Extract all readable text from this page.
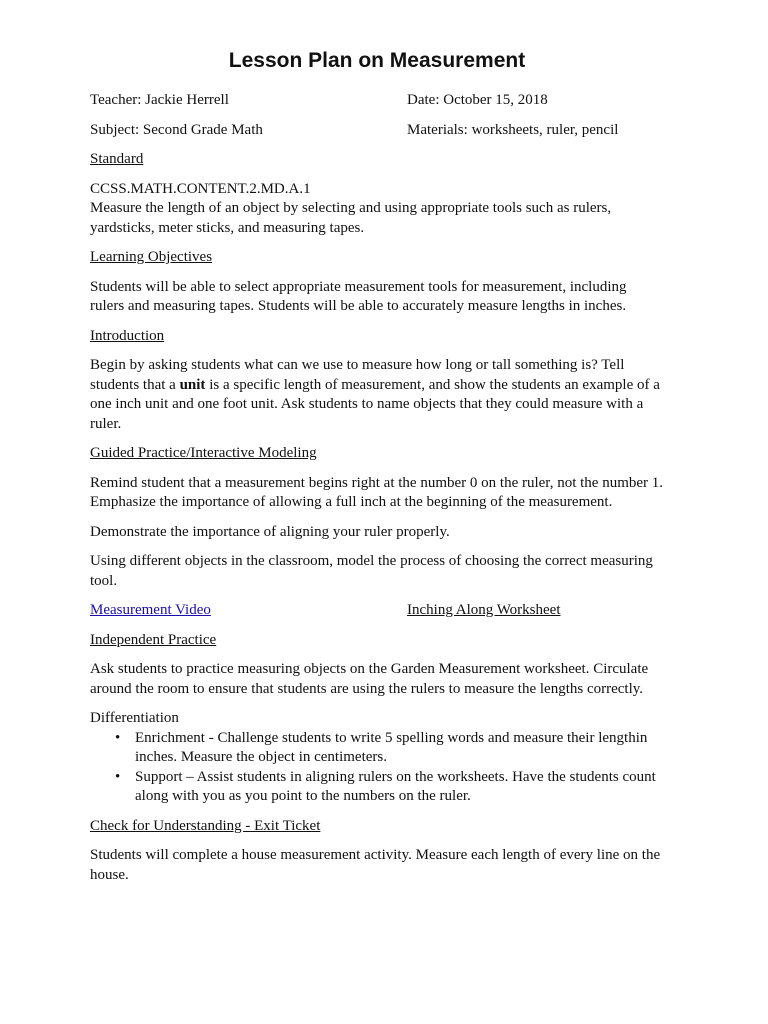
Lesson Plan on Measurement
Teacher: Jackie Herrell	Date: October 15, 2018
Subject: Second Grade Math	Materials: worksheets, ruler, pencil

Standard

CCSS.MATH.CONTENT.2.MD.A.1

Measure the length of an object by selecting and using appropriate tools such as rulers, yardsticks, meter sticks, and measuring tapes.

Learning Objectives

Students will be able to select appropriate measurement tools for measurement, including rulers and measuring tapes. Students will be able to accurately measure lengths in inches.

Introduction

Begin by asking students what can we use to measure how long or tall something is? Tell students that a unit is a specific length of measurement, and show the students an example of a one inch unit and one foot unit. Ask students to name objects that they could measure with a ruler.

Guided Practice/Interactive Modeling

Remind student that a measurement begins right at the number 0 on the ruler, not the number 1. Emphasize the importance of allowing a full inch at the beginning of the measurement.

Demonstrate the importance of aligning your ruler properly.

Using different objects in the classroom, model the process of choosing the correct measuring tool.

Measurement Video	Inching Along Worksheet

Independent Practice

Ask students to practice measuring objects on the Garden Measurement worksheet. Circulate around the room to ensure that students are using the rulers to measure the lengths correctly.

Differentiation

• Enrichment - Challenge students to write 5 spelling words and measure their lengthin inches. Measure the object in centimeters.
• Support – Assist students in aligning rulers on the worksheets. Have the students count along with you as you point to the numbers on the ruler.

Check for Understanding - Exit Ticket

Students will complete a house measurement activity. Measure each length of every line on the house.
